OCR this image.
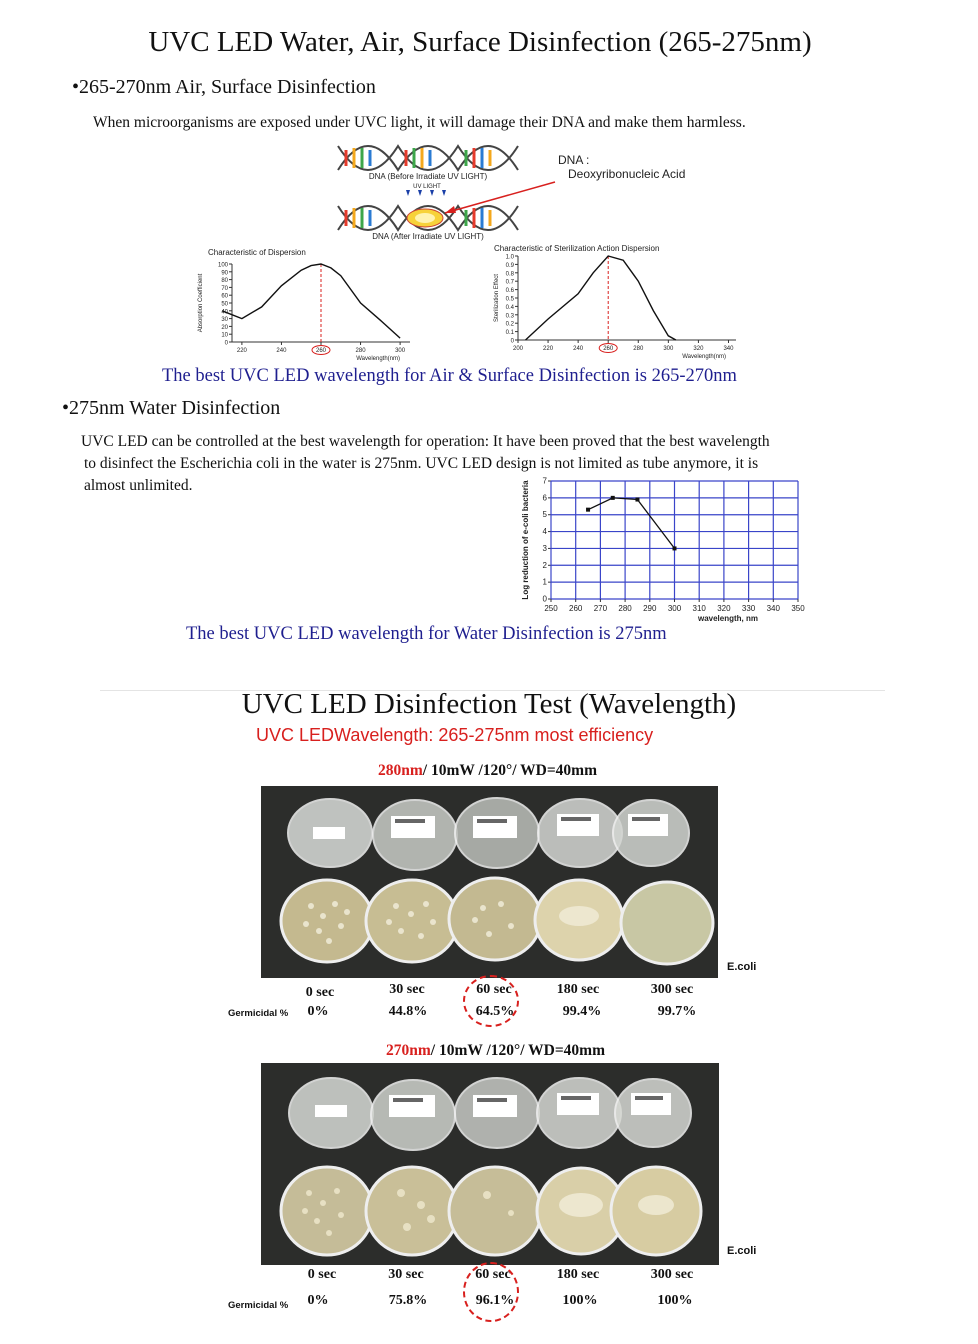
UVC LED Water, Air, Surface Disinfection (265-275nm)
•265-270nm Air, Surface Disinfection
When microorganisms are exposed under UVC light, it will damage their DNA and make them harmless.
DNA (Before Irradiate UV LIGHT)
UV LIGHT
DNA (After Irradiate UV LIGHT)
DNA :
Deoxyribonucleic Acid
Characteristic of Dispersion
0
10
20
30
40
50
60
70
80
90
100
220	240	260	280	300
Wavelength(nm)
Absorption Coefficient
Characteristic of Sterilization Action Dispersion
0
0.1
0.2
0.3
0.4
0.5
0.6
0.7
0.8
0.9
1.0
200	220	240	260	280	300	320	340
Wavelength(nm)
Sterilization Effect
The best UVC LED wavelength for Air & Surface Disinfection is 265-270nm
•275nm Water Disinfection
UVC LED can be controlled at the best wavelength for operation: It have been proved that the best wavelength
to disinfect the Escherichia coli in the water is 275nm. UVC LED design is not limited as tube anymore, it is
almost unlimited.
0
1
2
3
4
5
6
7
250 260 270 280 290 300 310 320 330 340 350
wavelength, nm
Log reduction of e-coli bacteria
The best UVC LED wavelength for Water Disinfection is 275nm
UVC LED Disinfection Test (Wavelength)
UVC LEDWavelength: 265-275nm most efficiency
280nm/ 10mW /120°/ WD=40mm
E.coli
0 sec	30 sec	60 sec	180 sec	300 sec
Germicidal %	0%	44.8%	64.5%	99.4%	99.7%
270nm/ 10mW /120°/ WD=40mm
E.coli
0 sec	30 sec	60 sec	180 sec	300 sec
Germicidal %	0%	75.8%	96.1%	100%	100%
